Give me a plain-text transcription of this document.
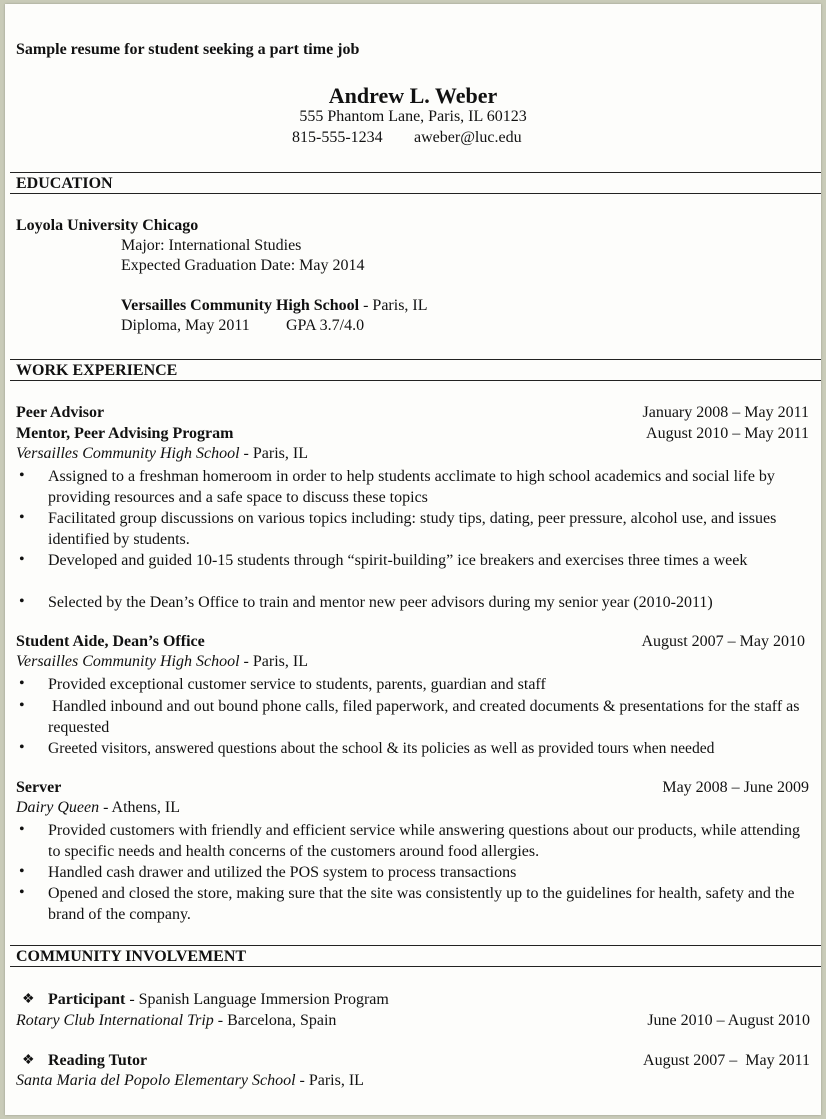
Sample resume for student seeking a part time job
Andrew L. Weber
555 Phantom Lane, Paris, IL 60123
815-555-1234 aweber@luc.edu
EDUCATION
Loyola University Chicago
Major: International Studies
Expected Graduation Date: May 2014
Versailles Community High School - Paris, IL
Diploma, May 2011 GPA 3.7/4.0
WORK EXPERIENCE
Peer Advisor	January 2008 – May 2011
Mentor, Peer Advising Program	August 2010 – May 2011
Versailles Community High School - Paris, IL
• Assigned to a freshman homeroom in order to help students acclimate to high school academics and social life by providing resources and a safe space to discuss these topics
• Facilitated group discussions on various topics including: study tips, dating, peer pressure, alcohol use, and issues identified by students.
• Developed and guided 10-15 students through “spirit-building” ice breakers and exercises three times a week
• Selected by the Dean’s Office to train and mentor new peer advisors during my senior year (2010-2011)
Student Aide, Dean’s Office	August 2007 – May 2010
Versailles Community High School - Paris, IL
• Provided exceptional customer service to students, parents, guardian and staff
• Handled inbound and out bound phone calls, filed paperwork, and created documents & presentations for the staff as requested
• Greeted visitors, answered questions about the school & its policies as well as provided tours when needed
Server	May 2008 – June 2009
Dairy Queen - Athens, IL
• Provided customers with friendly and efficient service while answering questions about our products, while attending to specific needs and health concerns of the customers around food allergies.
• Handled cash drawer and utilized the POS system to process transactions
• Opened and closed the store, making sure that the site was consistently up to the guidelines for health, safety and the brand of the company.
COMMUNITY INVOLVEMENT
❖ Participant - Spanish Language Immersion Program
Rotary Club International Trip - Barcelona, Spain	June 2010 – August 2010
❖ Reading Tutor	August 2007 –  May 2011
Santa Maria del Popolo Elementary School - Paris, IL
